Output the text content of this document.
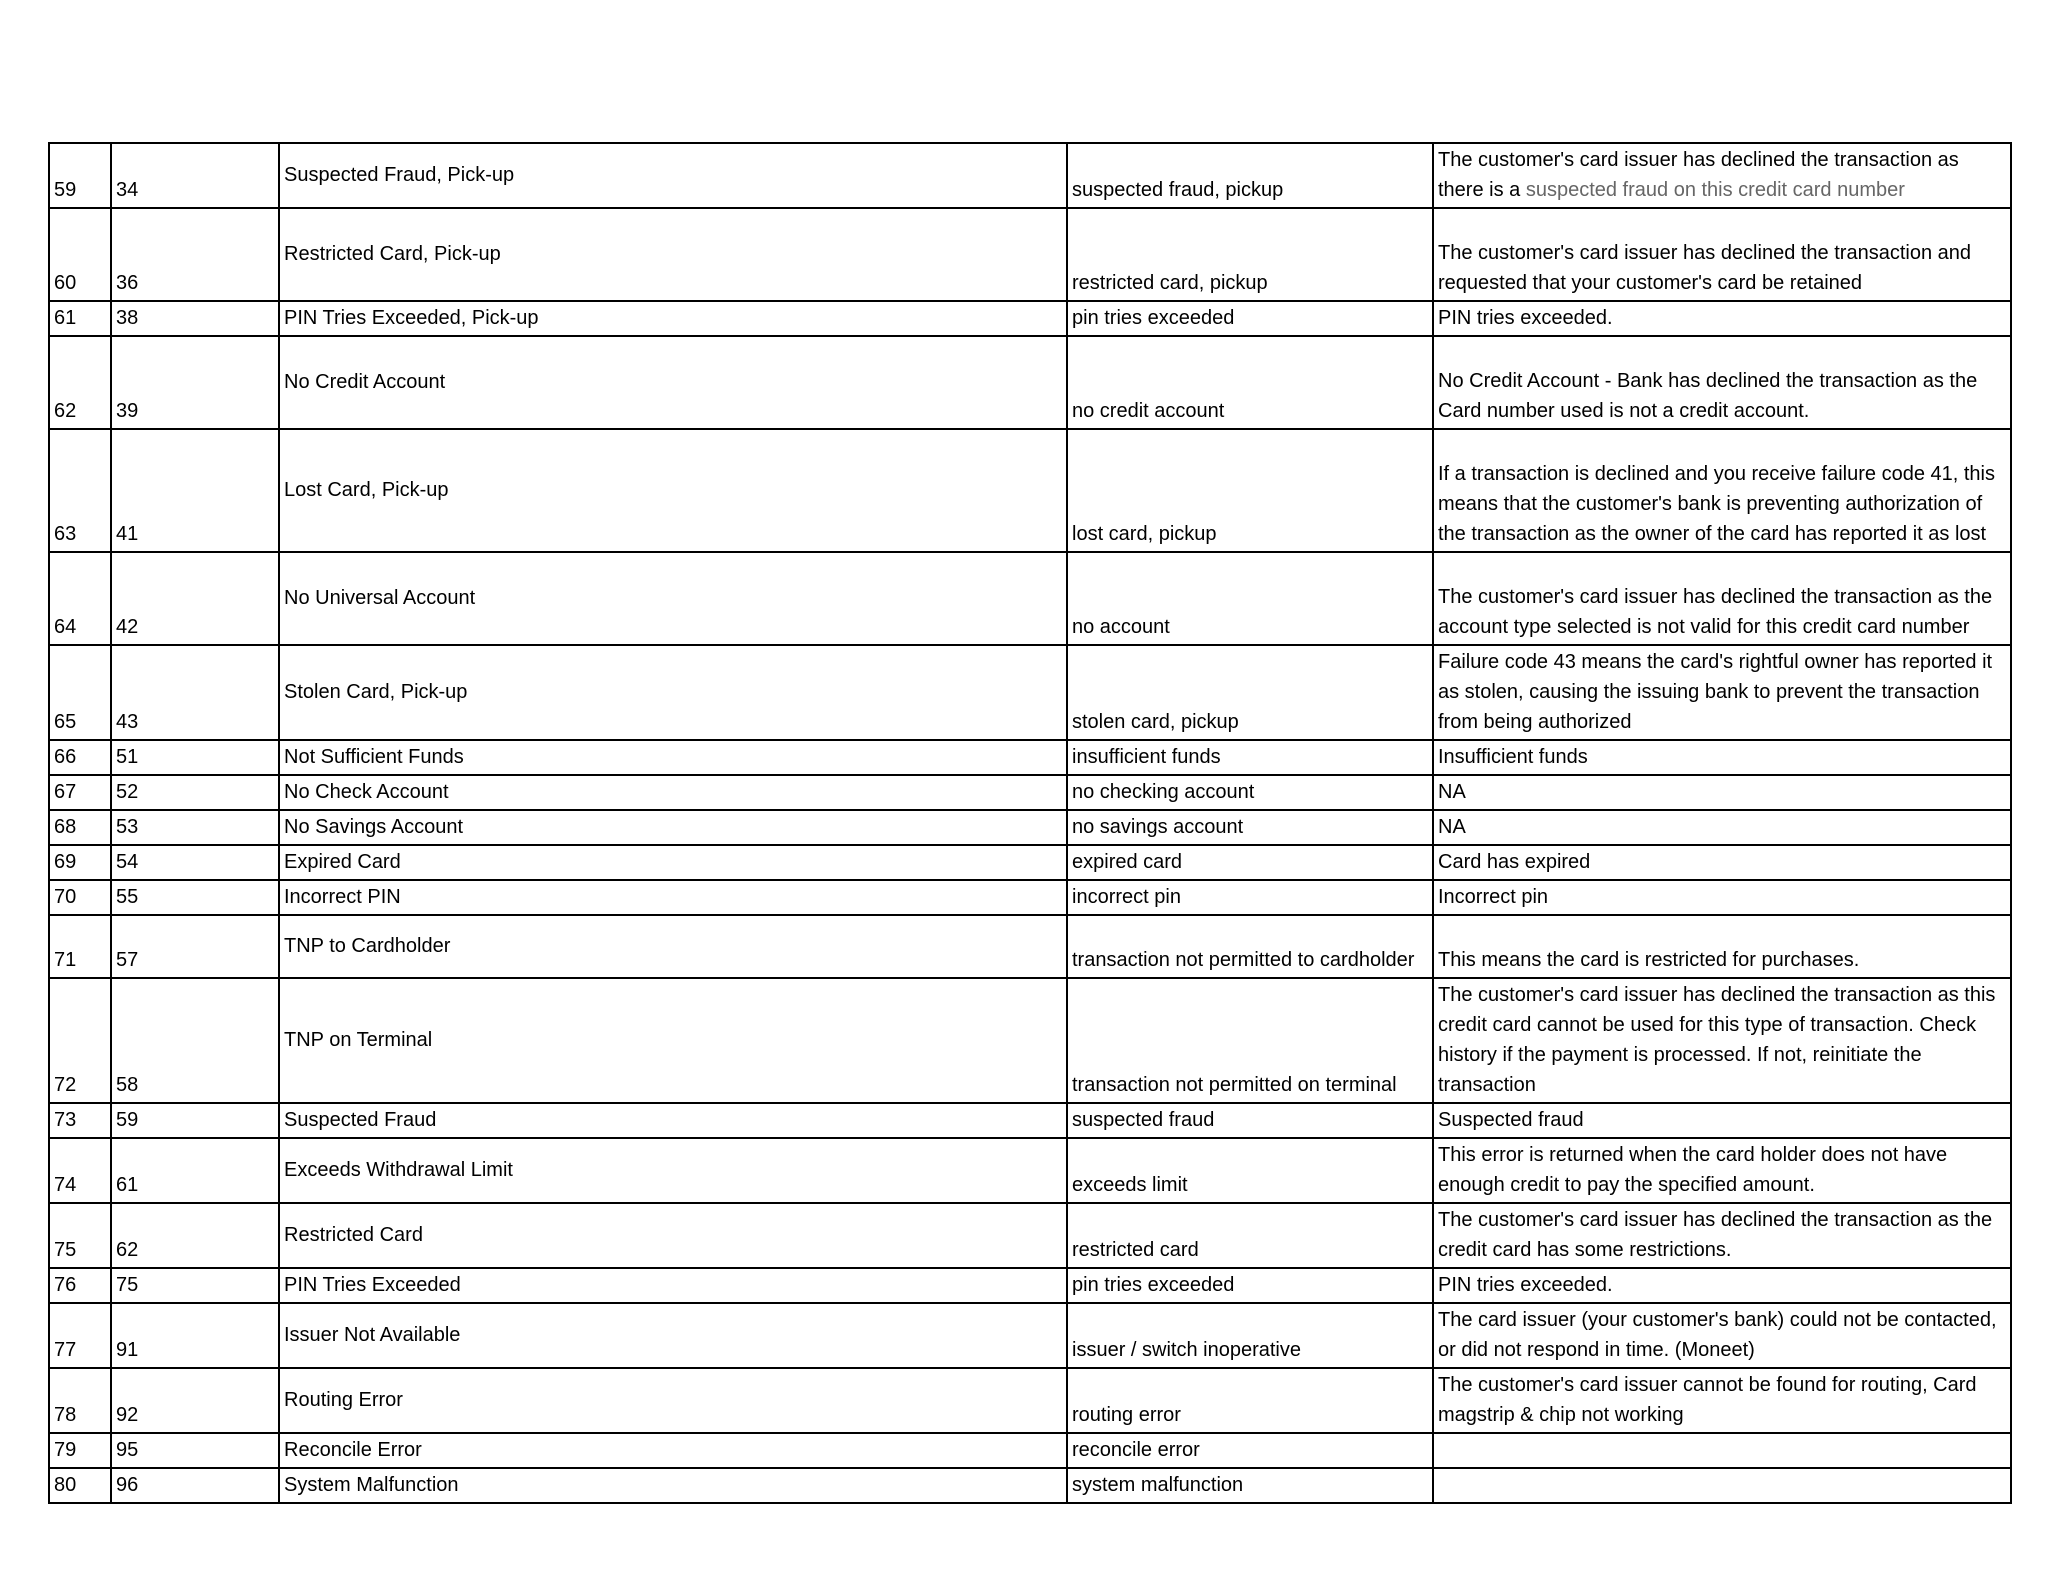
59	34	Suspected Fraud, Pick-up	suspected fraud, pickup	The customer's card issuer has declined the transaction as there is a suspected fraud on this credit card number
60	36	Restricted Card, Pick-up	restricted card, pickup	The customer's card issuer has declined the transaction and requested that your customer's card be retained
61	38	PIN Tries Exceeded, Pick-up	pin tries exceeded	PIN tries exceeded.
62	39	No Credit Account	no credit account	No Credit Account - Bank has declined the transaction as the Card number used is not a credit account.
63	41	Lost Card, Pick-up	lost card, pickup	If a transaction is declined and you receive failure code 41, this means that the customer's bank is preventing authorization of the transaction as the owner of the card has reported it as lost
64	42	No Universal Account	no account	The customer's card issuer has declined the transaction as the account type selected is not valid for this credit card number
65	43	Stolen Card, Pick-up	stolen card, pickup	Failure code 43 means the card's rightful owner has reported it as stolen, causing the issuing bank to prevent the transaction from being authorized
66	51	Not Sufficient Funds	insufficient funds	Insufficient funds
67	52	No Check Account	no checking account	NA
68	53	No Savings Account	no savings account	NA
69	54	Expired Card	expired card	Card has expired
70	55	Incorrect PIN	incorrect pin	Incorrect pin
71	57	TNP to Cardholder	transaction not permitted to cardholder	This means the card is restricted for purchases.
72	58	TNP on Terminal	transaction not permitted on terminal	The customer's card issuer has declined the transaction as this credit card cannot be used for this type of transaction. Check history if the payment is processed. If not, reinitiate the transaction
73	59	Suspected Fraud	suspected fraud	Suspected fraud
74	61	Exceeds Withdrawal Limit	exceeds limit	This error is returned when the card holder does not have enough credit to pay the specified amount.
75	62	Restricted Card	restricted card	The customer's card issuer has declined the transaction as the credit card has some restrictions.
76	75	PIN Tries Exceeded	pin tries exceeded	PIN tries exceeded.
77	91	Issuer Not Available	issuer / switch inoperative	The card issuer (your customer's bank) could not be contacted, or did not respond in time. (Moneet)
78	92	Routing Error	routing error	The customer's card issuer cannot be found for routing, Card magstrip & chip not working
79	95	Reconcile Error	reconcile error	
80	96	System Malfunction	system malfunction	
